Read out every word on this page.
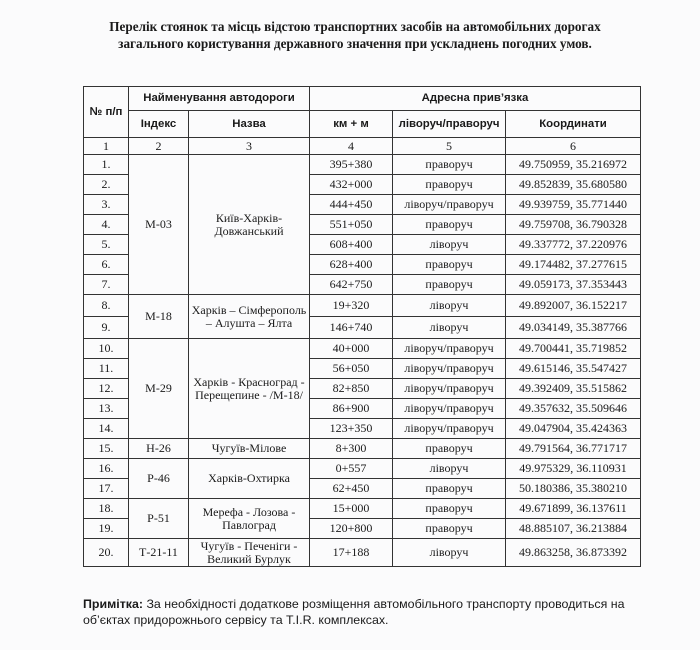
Перелік стоянок та місць відстою транспортних засобів на автомобільних дорогах загального користування державного значення при ускладнень погодних умов.
№ п/п	Найменування автодороги		Адресна прив’язка		
	Індекс	Назва	км + м	ліворуч/праворуч	Координати
1	2	3	4	5	6
1.	М-03	Київ-Харків-Довжанський	395+380	праворуч	49.750959, 35.216972
2.			432+000	праворуч	49.852839, 35.680580
3.			444+450	ліворуч/праворуч	49.939759, 35.771440
4.			551+050	праворуч	49.759708, 36.790328
5.			608+400	ліворуч	49.337772, 37.220976
6.			628+400	праворуч	49.174482, 37.277615
7.			642+750	праворуч	49.059173, 37.353443
8.	М-18	Харків – Сімферополь – Алушта – Ялта	19+320	ліворуч	49.892007, 36.152217
9.			146+740	ліворуч	49.034149, 35.387766
10.	М-29	Харків - Красноград - Перещепине - /М-18/	40+000	ліворуч/праворуч	49.700441, 35.719852
11.			56+050	ліворуч/праворуч	49.615146, 35.547427
12.			82+850	ліворуч/праворуч	49.392409, 35.515862
13.			86+900	ліворуч/праворуч	49.357632, 35.509646
14.			123+350	ліворуч/праворуч	49.047904, 35.424363
15.	Н-26	Чугуїв-Мілове	8+300	праворуч	49.791564, 36.771717
16.	Р-46	Харків-Охтирка	0+557	ліворуч	49.975329, 36.110931
17.			62+450	праворуч	50.180386, 35.380210
18.	Р-51	Мерефа - Лозова - Павлоград	15+000	праворуч	49.671899, 36.137611
19.			120+800	праворуч	48.885107, 36.213884
20.	Т-21-11	Чугуїв - Печеніги - Великий Бурлук	17+188	ліворуч	49.863258, 36.873392
Примітка: За необхідності додаткове розміщення автомобільного транспорту проводиться на об’єктах придорожнього сервісу та T.I.R. комплексах.
